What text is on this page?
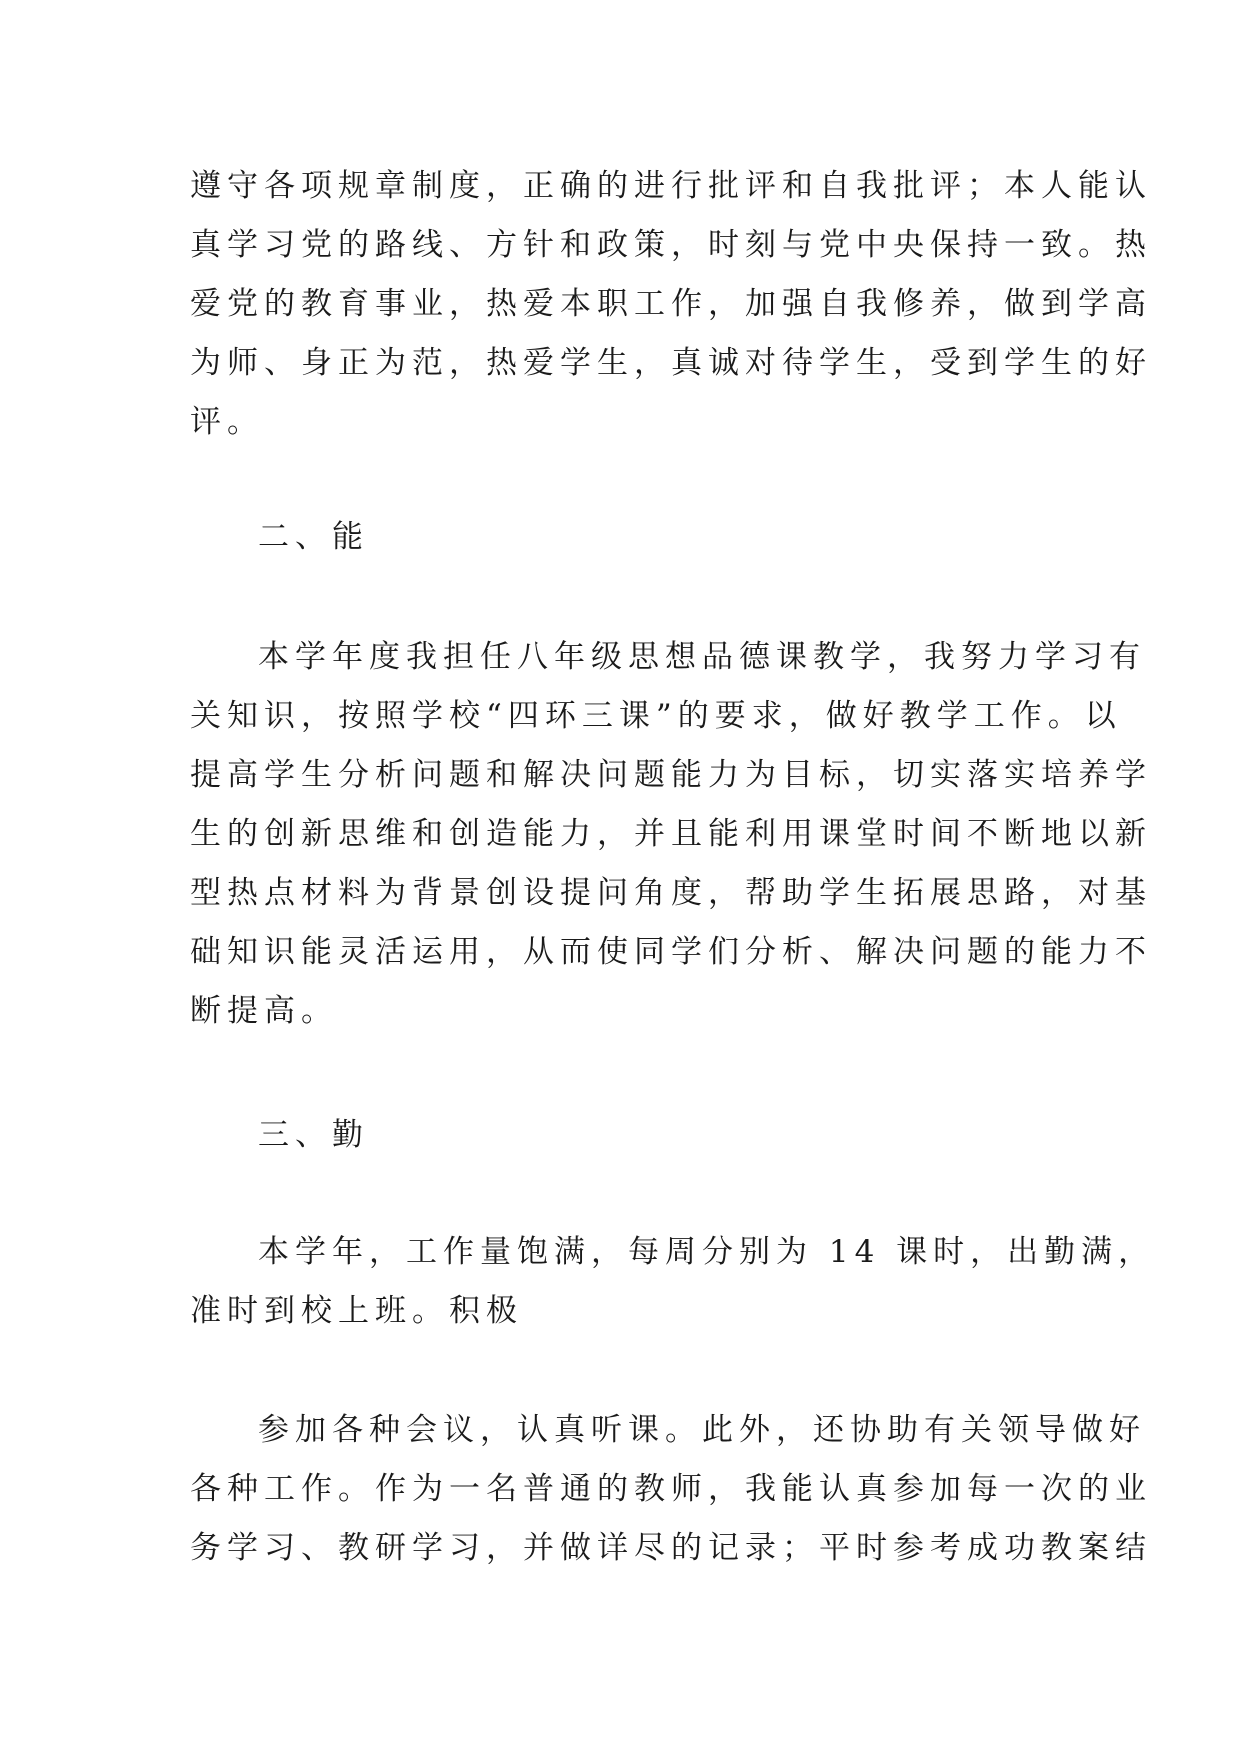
遵守各项规章制度，正确的进行批评和自我批评；本人能认
真学习党的路线、方针和政策，时刻与党中央保持一致。热
爱党的教育事业，热爱本职工作，加强自我修养，做到学高
为师、身正为范，热爱学生，真诚对待学生，受到学生的好
评。
二、能
本学年度我担任八年级思想品德课教学，我努力学习有
关知识，按照学校“四环三课”的要求，做好教学工作。以
提高学生分析问题和解决问题能力为目标，切实落实培养学
生的创新思维和创造能力，并且能利用课堂时间不断地以新
型热点材料为背景创设提问角度，帮助学生拓展思路，对基
础知识能灵活运用，从而使同学们分析、解决问题的能力不
断提高。
三、勤
本学年，工作量饱满，每周分别为 14 课时，出勤满，
准时到校上班。积极
参加各种会议，认真听课。此外，还协助有关领导做好
各种工作。作为一名普通的教师，我能认真参加每一次的业
务学习、教研学习，并做详尽的记录；平时参考成功教案结
